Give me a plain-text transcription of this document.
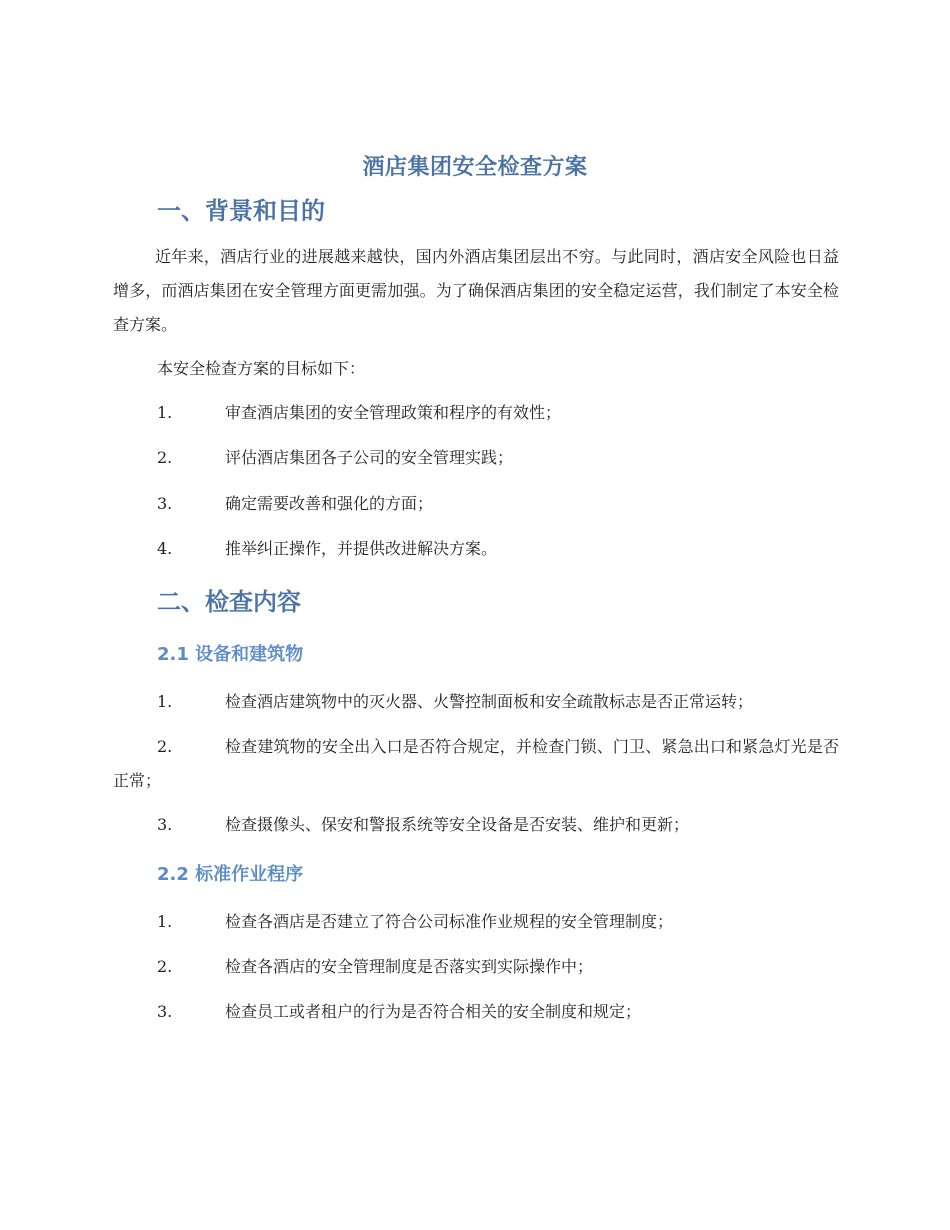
酒店集团安全检查方案
一、背景和目的
近年来，酒店行业的进展越来越快，国内外酒店集团层出不穷。与此同时，酒店安全风险也日益增多，而酒店集团在安全管理方面更需加强。为了确保酒店集团的安全稳定运营，我们制定了本安全检查方案。
本安全检查方案的目标如下：
1.	审查酒店集团的安全管理政策和程序的有效性；
2.	评估酒店集团各子公司的安全管理实践；
3.	确定需要改善和强化的方面；
4.	推举纠正操作，并提供改进解决方案。
二、检查内容
2.1 设备和建筑物
1.	检查酒店建筑物中的灭火器、火警控制面板和安全疏散标志是否正常运转；
2.	检查建筑物的安全出入口是否符合规定，并检查门锁、门卫、紧急出口和紧急灯光是否正常；
3.	检查摄像头、保安和警报系统等安全设备是否安装、维护和更新；
2.2 标准作业程序
1.	检查各酒店是否建立了符合公司标准作业规程的安全管理制度；
2.	检查各酒店的安全管理制度是否落实到实际操作中；
3.	检查员工或者租户的行为是否符合相关的安全制度和规定；
